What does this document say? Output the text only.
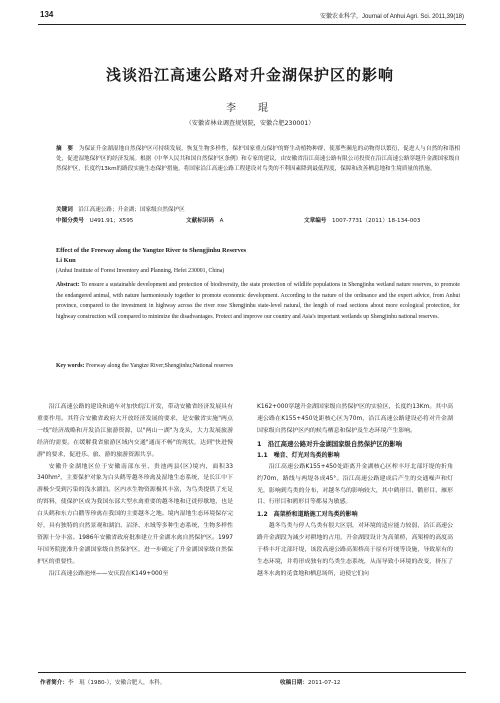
134	安徽农业科学，Journal of Anhui Agri. Sci. 2011,39(18)
浅谈沿江高速公路对升金湖保护区的影响
李　琨
（安徽省林业调查规划院，安徽合肥230001）
摘　要　 为保证升金湖湿地自然保护区可持续发展，恢复生物多样性，保护国家重点保护的野生动植物种群，使那些濒危的动物得以繁衍，促进人与自然的和谐相处，促进湿地保护区的经济发展。根据《中华人民共和国自然保护区条例》和专家的建议，由安徽省沿江高速公路有限公司投资在沿江高速公路穿越升金湖国家级自然保护区，长度约13km的路段实施生态保护措施，将国家沿江高速公路工程建设对鸟类的不利因素降到最低程度，保障和改善栖息地和生境质量的措施。
关键词　 沿江高速公路；升金湖；国家级自然保护区
中图分类号　 U491.91；X595	文献标识码　 A	文章编号　 1007-7731（2011）18-134-003
Effect of the Freeway along the Yangtze River to Shengjinhu Reserves
Li Kun
(Anhui Institute of Forest Inventory and Planning, Hefei 230001, China)
Abstract: To ensure a sustainable development and protection of biodiversity, the state protection of wildlife populations in Shengjinhu wetland nature reserves, to promote the endangered animal, with nature harmoniously together to promote economic development. According to the nature of the ordinance and the expert advice, from Anhui province, compared to the investment in highway across the river rose Shengjinhu state-level natural, the length of road sections about more ecological protection, for highway construction will compared to minimize the disadvantages. Protect and improve our country and Asia's important wetlands up Shengjinhu national reserves.
Key words: Freeway along the Yangtze River;Shengjinhu;National reserves

沿江高速公路的建设和通车对加快皖江开发，带动安徽省经济发展具有重要作用。其符合安徽省政府大开放经济发展的要求，是安徽省实施"两点一线"经济战略和开发沿江旅游资源，以"两山一湖"为龙头，大力发展旅游经济的需要。在缓解我省旅游区域内交通"通而不畅"的现状，达到"快进慢游"的要求，促进乐、旅、游的旅游资源共享。

安徽升金湖地区位于安徽南部东至、贵池两县(区)境内，面积33 340hm²，主要保护对象为白头鹤等越冬珍禽及湿地生态系统，是长江中下游极少受到污染的浅水湖泊。区内水生物资源极其丰富，为鸟类提供了充足的饵料，使保护区成为我国东部大型水禽重要的越冬地和迁徙停歇地，也是白头鹤和东方白鹳等珍禽在我国的主要越冬之地。境内湿地生态环境保存完好，具有独特的自然景观和湖泊、沼泽、水域等多种生态系统，生物多样性资源十分丰富。1986年安徽省政府批准建立升金湖水禽自然保护区。1997年国务院批准升金湖国家级自然保护区，进一步确定了升金湖国家级自然保护区的重要性。

沿江高速公路池州——安庆段在K149+000至

K162+000穿越升金湖国家级自然保护区的实验区，长度约13Km。其中高速公路在K155+450处距核心区为70m，沿江高速公路建设必将对升金湖国家级自然保护区内的候鸟栖息和保护及生态环境产生影响。

1　沿江高速公路对升金湖国家级自然保护区的影响
1.1　噪音、灯光对鸟类的影响

沿江高速公路K155+450处距离升金湖核心区榨丰圩北部圩堤的折角约70m，路线与两堤各成45°。沿江高速公路建成后产生的交通噪声和灯光，影响到鸟类的分布，对越冬鸟的影响较大，其中鹤形目、鹳形目、雁形目、行形目和鸥形目等都易为敏感。

1.2　高架桥和道路施工对鸟类的影响

越冬鸟类与停人鸟类有很大区别，对环境的适应能力较弱，沿江高速公路升金湖段为减少对耕地的占用，升金湖段设计为高架桥，高架桥的高度高于桥丰圩北部圩堤，该段高速公路高架桥高于原有圩埂等设施，导致原有的生态环境，并将形成独有的鸟类生态系统，从而导致小环境的改变，挤压了越冬水禽的觅食地和栖息场所，迫使它们向

作者简介：李　琨（1980-），安徽合肥人，本科。	收稿日期：2011-07-12
